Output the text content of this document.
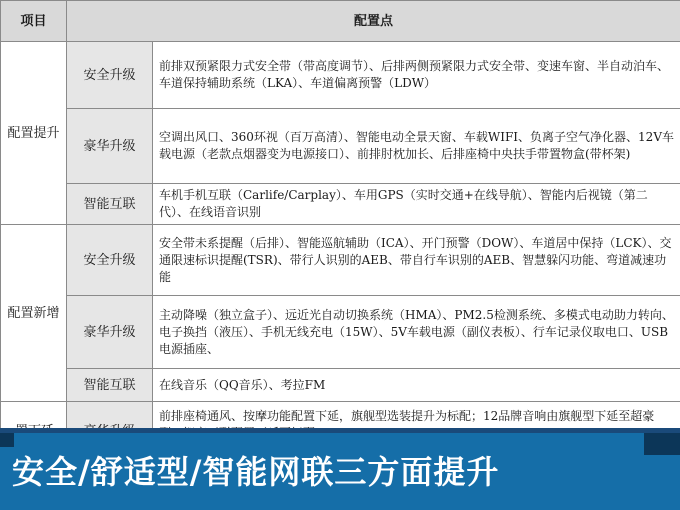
项目	配置点	
配置提升	安全升级	前排双预紧限力式安全带（带高度调节）、后排两侧预紧限力式安全带、变速车窗、半自动泊车、车道保持辅助系统（LKA）、车道偏离预警（LDW）
	豪华升级	空调出风口、360环视（百万高清）、智能电动全景天窗、车载WIFI、负离子空气净化器、12V车载电源（老款点烟器变为电源接口）、前排肘枕加长、后排座椅中央扶手带置物盒(带杯架)
	智能互联	车机手机互联（Carlife/Carplay）、车用GPS（实时交通+在线导航）、智能内后视镜（第二代）、在线语音识别
配置新增	安全升级	安全带未系提醒（后排）、智能巡航辅助（ICA）、开门预警（DOW）、车道居中保持（LCK）、交通限速标识提醒(TSR)、带行人识别的AEB、带自行车识别的AEB、智慧躲闪功能、弯道减速功能
	豪华升级	主动降噪（独立盒子）、远近光自动切换系统（HMA）、PM2.5检测系统、多模式电动助力转向、电子换挡（液压）、手机无线充电（15W）、5V车载电源（副仪表板）、行车记录仪取电口、USB电源插座、
	智能互联	在线音乐（QQ音乐）、考拉FM
		前排座椅通风、按摩功能配置下延，旗舰型选装提升为标配；12品牌音响由旗舰型下延至超豪
安全/舒适型/智能网联三方面提升
